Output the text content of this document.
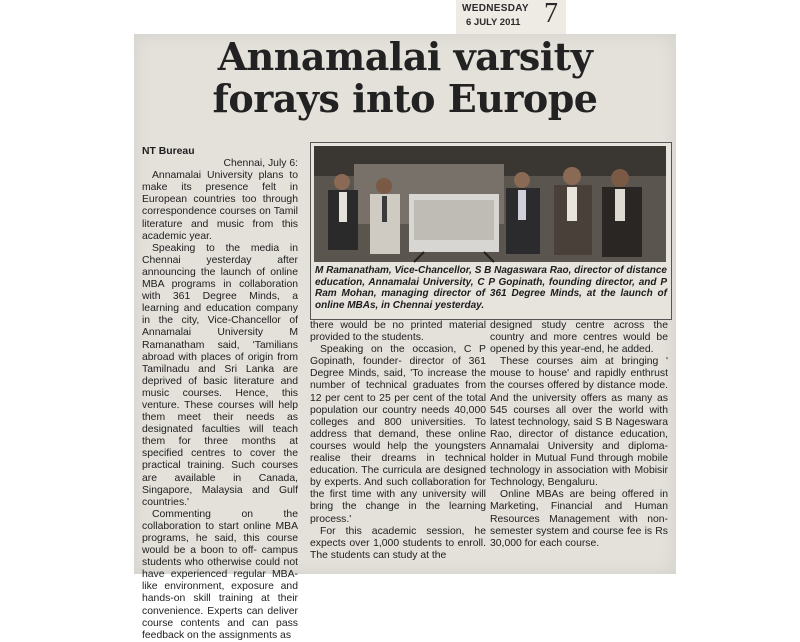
WEDNESDAY
6 JULY 2011 7
Annamalai varsity
forays into Europe

NT Bureau

Chennai, July 6:

Annamalai University plans to make its presence felt in European countries too through correspondence courses on Tamil literature and music from this academic year.

Speaking to the media in Chennai yesterday after announcing the launch of online MBA programs in collaboration with 361 Degree Minds, a learning and education company in the city, Vice-Chancellor of Annamalai University M Ramanatham said, 'Tamilians abroad with places of origin from Tamilnadu and Sri Lanka are deprived of basic literature and music courses. Hence, this venture. These courses will help them meet their needs as designated faculties will teach them for three months at specified centres to cover the practical training. Such courses are available in Canada, Singapore, Malaysia and Gulf countries.'

Commenting on the collaboration to start online MBA programs, he said, this course would be a boon to off- campus students who otherwise could not have experienced regular MBA-like environment, exposure and hands-on skill training at their convenience. Experts can deliver course contents and can pass feedback on the assignments as

M Ramanatham, Vice-Chancellor, S B Nagaswara Rao, director of distance education, Annamalai University, C P Gopinath, founding director, and P Ram Mohan, managing director of 361 Degree Minds, at the launch of online MBAs, in Chennai yesterday.

there would be no printed material provided to the students.

Speaking on the occasion, C P Gopinath, founder- director of 361 Degree Minds, said, 'To increase the number of technical graduates from 12 per cent to 25 per cent of the total population our country needs 40,000 colleges and 800 universities. To address that demand, these online courses would help the youngsters realise their dreams in technical education. The curricula are designed by experts. And such collaboration for the first time with any university will bring the change in the learning process.'

For this academic session, he expects over 1,000 students to enroll. The students can study at the

designed study centre across the country and more centres would be opened by this year-end, he added.

These courses aim at bringing ' mouse to house' and rapidly enthrust the courses offered by distance mode. And the university offers as many as 545 courses all over the world with latest technology, said S B Nageswara Rao, director of distance education, Annamalai University and diploma-holder in Mutual Fund through mobile technology in association with Mobisir Technology, Bengaluru.

Online MBAs are being offered in Marketing, Financial and Human Resources Management with non-semester system and course fee is Rs 30,000 for each course.
